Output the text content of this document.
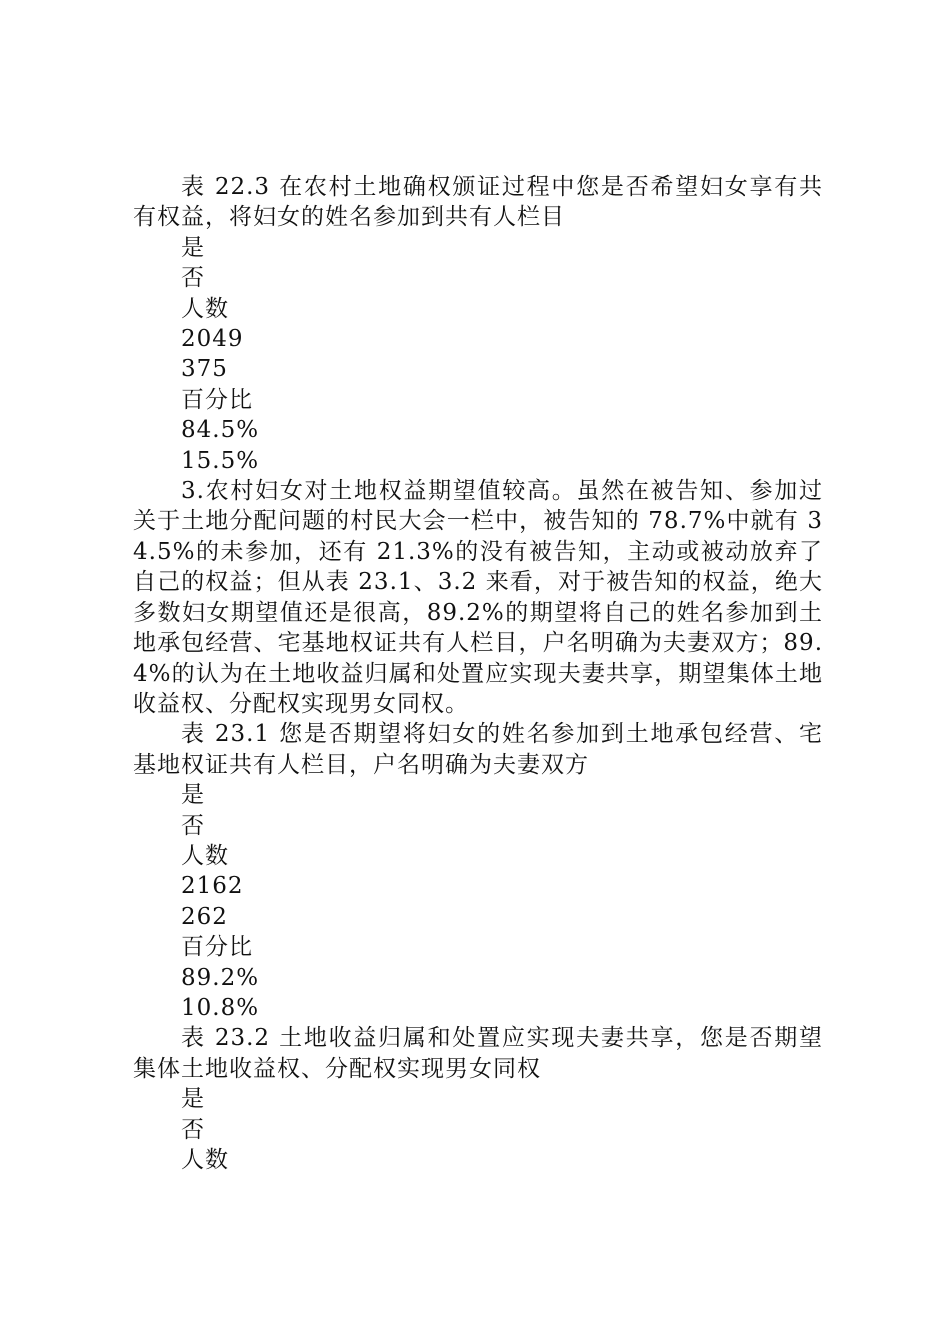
表 22.3 在农村土地确权颁证过程中您是否希望妇女享有共有权益，将妇女的姓名参加到共有人栏目

是

否

人数

2049

375

百分比

84.5%

15.5%

3.农村妇女对土地权益期望值较高。虽然在被告知、参加过关于土地分配问题的村民大会一栏中，被告知的 78.7%中就有 34.5%的未参加，还有 21.3%的没有被告知，主动或被动放弃了自己的权益；但从表 23.1、3.2 来看，对于被告知的权益，绝大多数妇女期望值还是很高，89.2%的期望将自己的姓名参加到土地承包经营、宅基地权证共有人栏目，户名明确为夫妻双方；89.4%的认为在土地收益归属和处置应实现夫妻共享，期望集体土地收益权、分配权实现男女同权。

表 23.1 您是否期望将妇女的姓名参加到土地承包经营、宅基地权证共有人栏目，户名明确为夫妻双方

是

否

人数

2162

262

百分比

89.2%

10.8%

表 23.2 土地收益归属和处置应实现夫妻共享，您是否期望集体土地收益权、分配权实现男女同权

是

否

人数
